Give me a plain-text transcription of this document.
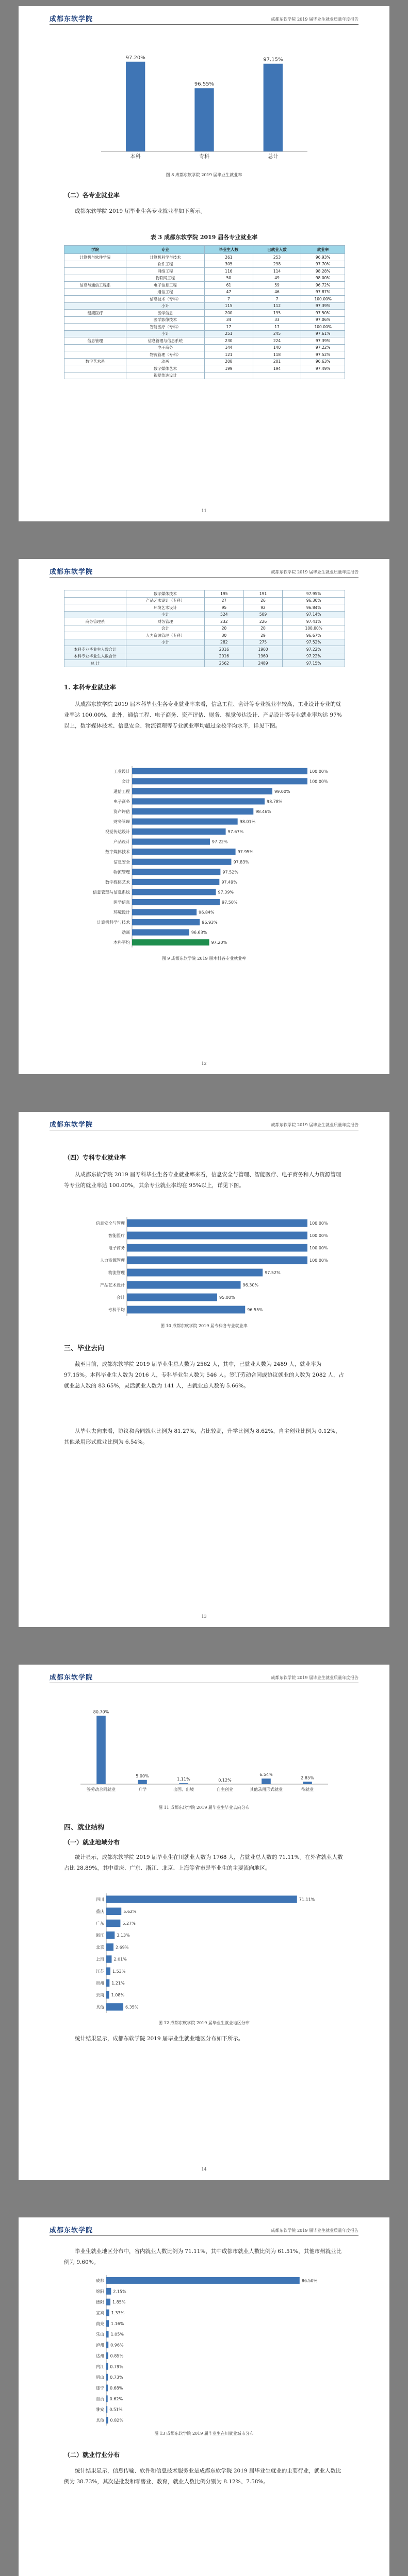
成都东软学院	成都东软学院 2019 届毕业生就业质量年度报告
97.20%
本科
96.55%
专科
97.15%
总计
图 8 成都东软学院 2019 届毕业生就业率
（二）各专业就业率
成都东软学院 2019 届毕业生各专业就业率如下所示。
表 3 成都东软学院 2019 届各专业就业率
学院	专业	毕业生人数	已就业人数	就业率
计算机与软件学院	计算机科学与技术	261	253	96.93%
	软件工程	305	298	97.70%
	网络工程	116	114	98.28%
	物联网工程	50	49	98.00%
信息与通信工程系	电子信息工程	61	59	96.72%
	通信工程	47	46	97.87%
	信息技术（专科）	7	7	100.00%
	小计	115	112	97.39%
健康医疗	医学信息	200	195	97.50%
	医学影像技术	34	33	97.06%
	智能医疗（专科）	17	17	100.00%
	小计	251	245	97.61%
信息管理	信息管理与信息系统	230	224	97.39%
	电子商务	144	140	97.22%
	物流管理（专科）	121	118	97.52%
数字艺术系	动画	208	201	96.63%
	数字媒体艺术	199	194	97.49%
	视觉传达设计			
11
成都东软学院	成都东软学院 2019 届毕业生就业质量年度报告
	数字媒体技术	195	191	97.95%
	产品艺术设计（专科）	27	26	96.30%
	环境艺术设计	95	92	96.84%
	小计	524	509	97.14%
商务管理系	财务管理	232	226	97.41%
	会计	20	20	100.00%
	人力资源管理（专科）	30	29	96.67%
	小计	282	275	97.52%
本科专业毕业生人数合计		2016	1960	97.22%
本科专业毕业生人数合计		2016	1960	97.22%
总 计		2562	2489	97.15%
1. 本科专业就业率
从成都东软学院 2019 届本科毕业生各专业就业率来看，信息工程、会计等专业就业率较高，工业设计专业的就业率达 100.00%，此外，通信工程、电子商务、资产评估、财务、视觉传达设计、产品设计等专业就业率均达 97%以上，数字媒体技术、信息安全、物流管理等专业就业率均超过全校平均水平，详见下图。
工业设计	100.00%
会计	100.00%
通信工程	99.00%
电子商务	98.78%
资产评估	98.46%
财务管理	98.01%
视觉传达设计	97.67%
产品设计	97.22%
数字媒体技术	97.95%
信息安全	97.83%
物流管理	97.52%
数字媒体艺术	97.49%
信息管理与信息系统	97.39%
医学信息	97.50%
环境设计	96.84%
计算机科学与技术	96.93%
动画	96.63%
本科平均	97.20%
图 9 成都东软学院 2019 届本科各专业就业率
12
成都东软学院	成都东软学院 2019 届毕业生就业质量年度报告
（四）专科专业就业率
从成都东软学院 2019 届专科毕业生各专业就业率来看，信息安全与管理、智能医疗、电子商务和人力资源管理等专业的就业率达 100.00%，其余专业就业率均在 95%以上，详见下图。
信息安全与管理	100.00%
智能医疗	100.00%
电子商务	100.00%
人力资源管理	100.00%
物流管理	97.52%
产品艺术设计	96.30%
会计	95.00%
专科平均	96.55%
图 10 成都东软学院 2019 届专科各专业就业率
三、毕业去向
截至目前，成都东软学院 2019 届毕业生总人数为 2562 人，其中，已就业人数为 2489 人，就业率为 97.15%。本科毕业生人数为 2016 人，专科毕业生人数为 546 人。签订劳动合同或协议就业的人数为 2082 人，占就业总人数的 83.65%，灵活就业人数为 141 人，占就业总人数的 5.66%。
从毕业去向来看，协议和合同就业比例为 81.27%，占比较高，升学比例为 8.62%，自主创业比例为 0.12%，其他录用形式就业比例为 6.54%。
13
成都东软学院	成都东软学院 2019 届毕业生就业质量年度报告
80.70%
签劳动合同就业
5.00%
升学
1.11%
出国、出境
0.12%
自主创业
6.54%
其他录用形式就业
2.85%
待就业
图 11 成都东软学院 2019 届毕业生毕业去向分布
四、就业结构
（一）就业地域分布
统计显示，成都东软学院 2019 届毕业生在川就业人数为 1768 人，占就业总人数的 71.11%。在外省就业人数占比 28.89%，其中重庆、广东、浙江、北京、上海等省市是毕业生的主要流向地区。
四川	71.11%
重庆	5.62%
广东	5.27%
浙江	3.13%
北京	2.69%
上海 2.01%
江苏 1.53%
贵州 1.21%
云南 1.08%
其他	6.35%
图 12 成都东软学院 2019 届毕业生就业地区分布
统计结果显示，成都东软学院 2019 届毕业生就业地区分布如下所示。
14
成都东软学院	成都东软学院 2019 届毕业生就业质量年度报告
毕业生就业地区分布中，省内就业人数比例为 71.11%，其中成都市就业人数比例为 61.51%，其他市州就业比例为 9.60%。
成都	86.50%
绵阳 2.15%
德阳 1.85%
宜宾 1.33%
南充 1.16%
乐山 1.05%
泸州 0.96%
达州 0.85%
内江 0.79%
眉山 0.73%
遂宁 0.68%
自贡 0.62%
雅安 0.51%
其他 0.82%
图 13 成都东软学院 2019 届毕业生在川就业城市分布
（二）就业行业分布
统计结果显示，信息传输、软件和信息技术服务业是成都东软学院 2019 届毕业生就业的主要行业，就业人数比例为 38.73%，其次是批发和零售业、教育，就业人数比例分别为 8.12%、7.58%。
